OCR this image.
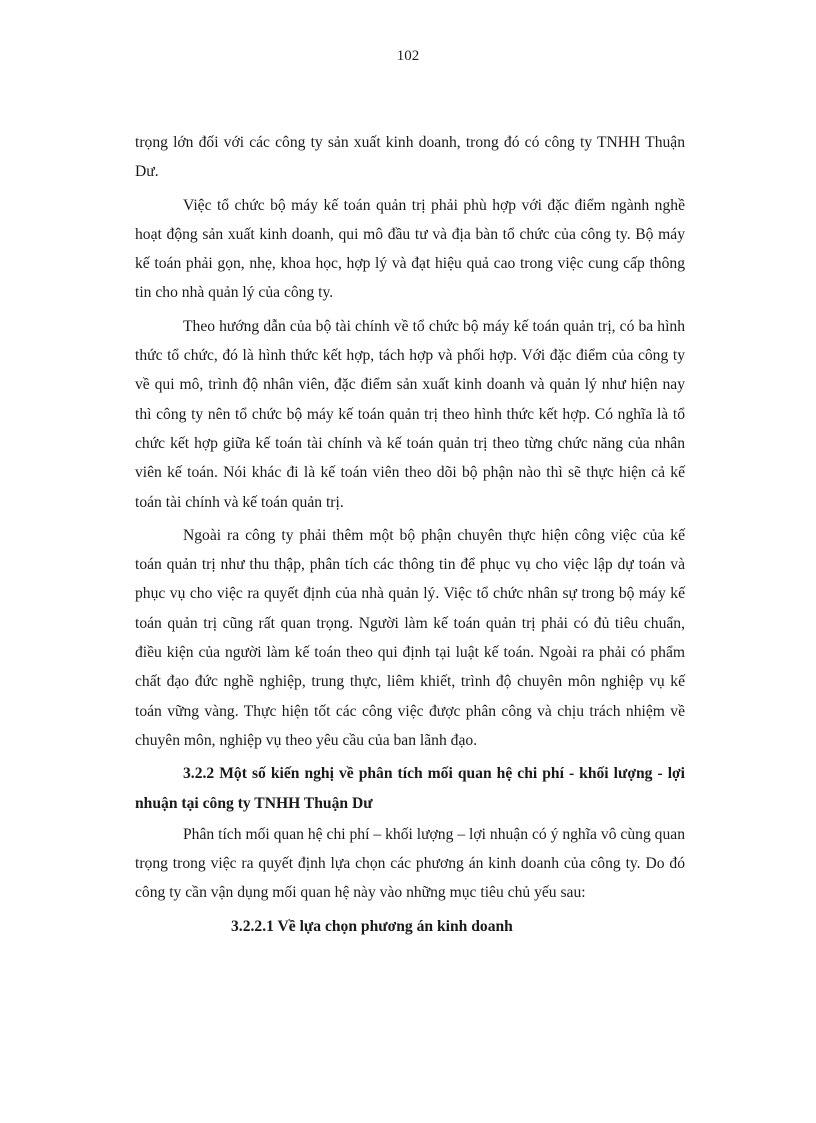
102

trọng lớn đối với các công ty sản xuất kinh doanh, trong đó có công ty TNHH Thuận Dư.

Việc tổ chức bộ máy kế toán quản trị phải phù hợp với đặc điểm ngành nghề hoạt động sản xuất kinh doanh, qui mô đầu tư và địa bàn tổ chức của công ty. Bộ máy kế toán phải gọn, nhẹ, khoa học, hợp lý và đạt hiệu quả cao trong việc cung cấp thông tin cho nhà quản lý của công ty.

Theo hướng dẫn của bộ tài chính về tổ chức bộ máy kế toán quản trị, có ba hình thức tổ chức, đó là hình thức kết hợp, tách hợp và phối hợp. Với đặc điểm của công ty về qui mô, trình độ nhân viên, đặc điểm sản xuất kinh doanh và quản lý như hiện nay thì công ty nên tổ chức bộ máy kế toán quản trị theo hình thức kết hợp. Có nghĩa là tổ chức kết hợp giữa kế toán tài chính và kế toán quản trị theo từng chức năng của nhân viên kế toán. Nói khác đi là kế toán viên theo dõi bộ phận nào thì sẽ thực hiện cả kế toán tài chính và kế toán quản trị.

Ngoài ra công ty phải thêm một bộ phận chuyên thực hiện công việc của kế toán quản trị như thu thập, phân tích các thông tin để phục vụ cho việc lập dự toán và phục vụ cho việc ra quyết định của nhà quản lý. Việc tổ chức nhân sự trong bộ máy kế toán quản trị cũng rất quan trọng. Người làm kế toán quản trị phải có đủ tiêu chuẩn, điều kiện của người làm kế toán theo qui định tại luật kế toán. Ngoài ra phải có phẩm chất đạo đức nghề nghiệp, trung thực, liêm khiết, trình độ chuyên môn nghiệp vụ kế toán vững vàng. Thực hiện tốt các công việc được phân công và chịu trách nhiệm về chuyên môn, nghiệp vụ theo yêu cầu của ban lãnh đạo.

3.2.2 Một số kiến nghị về phân tích mối quan hệ chi phí - khối lượng - lợi nhuận tại công ty TNHH Thuận Dư

Phân tích mối quan hệ chi phí – khối lượng – lợi nhuận có ý nghĩa vô cùng quan trọng trong việc ra quyết định lựa chọn các phương án kinh doanh của công ty. Do đó công ty cần vận dụng mối quan hệ này vào những mục tiêu chủ yếu sau:

3.2.2.1 Về lựa chọn phương án kinh doanh
